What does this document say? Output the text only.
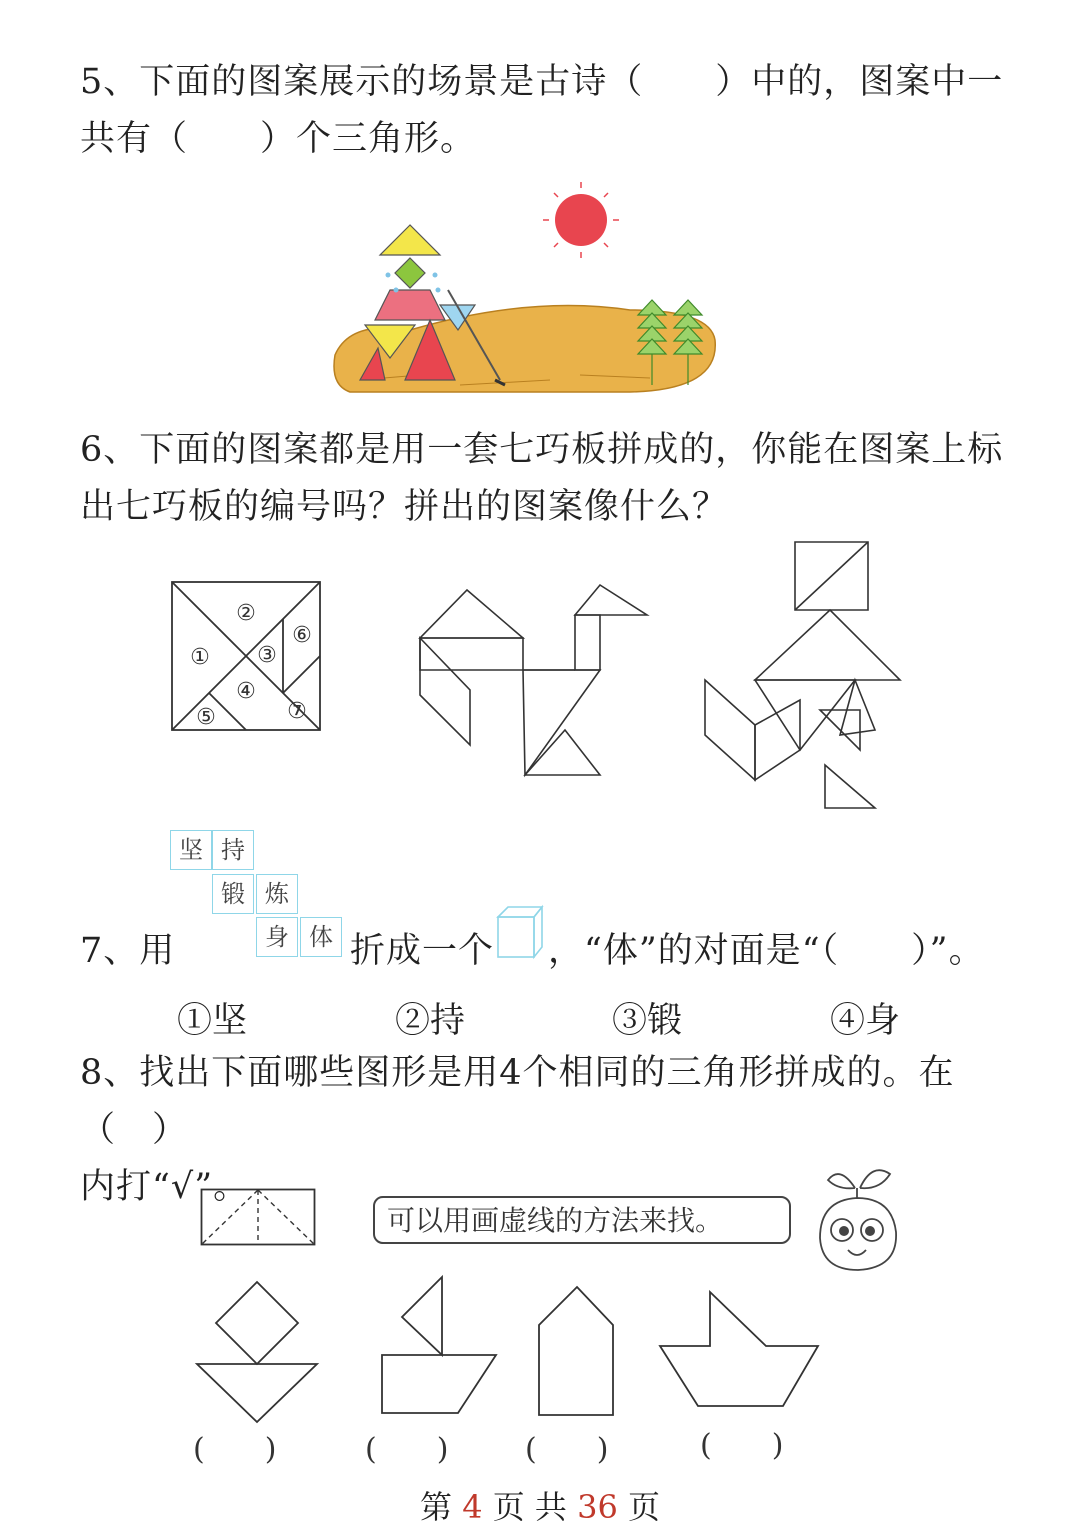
5、下面的图案展示的场景是古诗（　　）中的，图案中一
共有（　　）个三角形。
6、下面的图案都是用一套七巧板拼成的，你能在图案上标
出七巧板的编号吗？拼出的图案像什么？
①
②
③
④
⑤
⑥
⑦
坚 持
锻 炼
身 体
7、用	折成一个 ，“体”的对面是“（　　）”。
①坚	②持	③锻	④身
8、找出下面哪些图形是用4个相同的三角形拼成的。在（　）
内打“√”。
可以用画虚线的方法来找。
(　　)	(　　)	(　　)	(　　)
第 4 页 共 36 页
